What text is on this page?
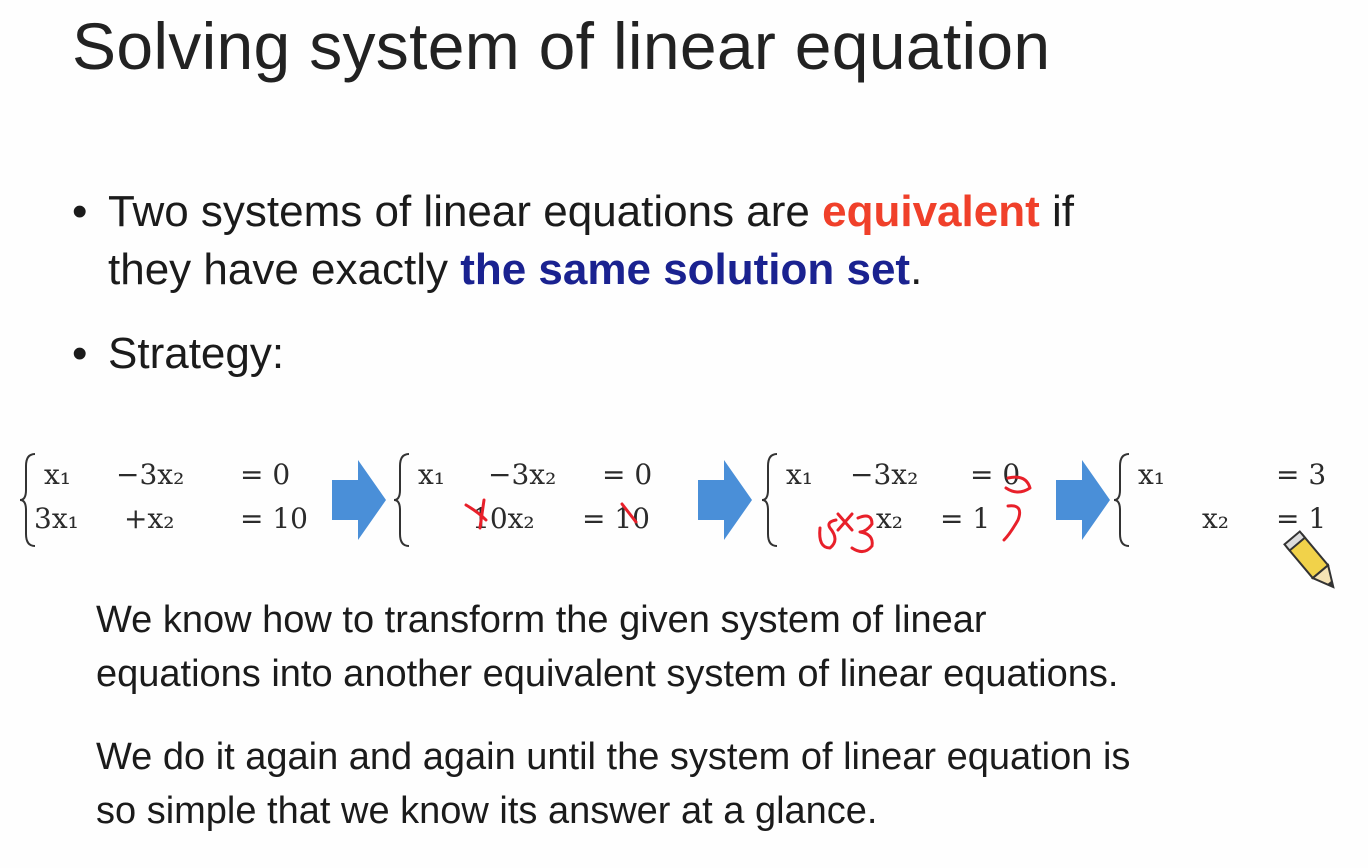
Solving system of linear equation
• Two systems of linear equations are equivalent if
they have exactly the same solution set.
• Strategy:
x₁ −3x₂ = 0
3x₁ +x₂ = 10
x₁ −3x₂ = 0
10x₂ = 10
x₁ −3x₂ = 0
x₂ = 1
x₁	= 3
x₂ = 1
We know how to transform the given system of linear
equations into another equivalent system of linear equations.
We do it again and again until the system of linear equation is
so simple that we know its answer at a glance.
